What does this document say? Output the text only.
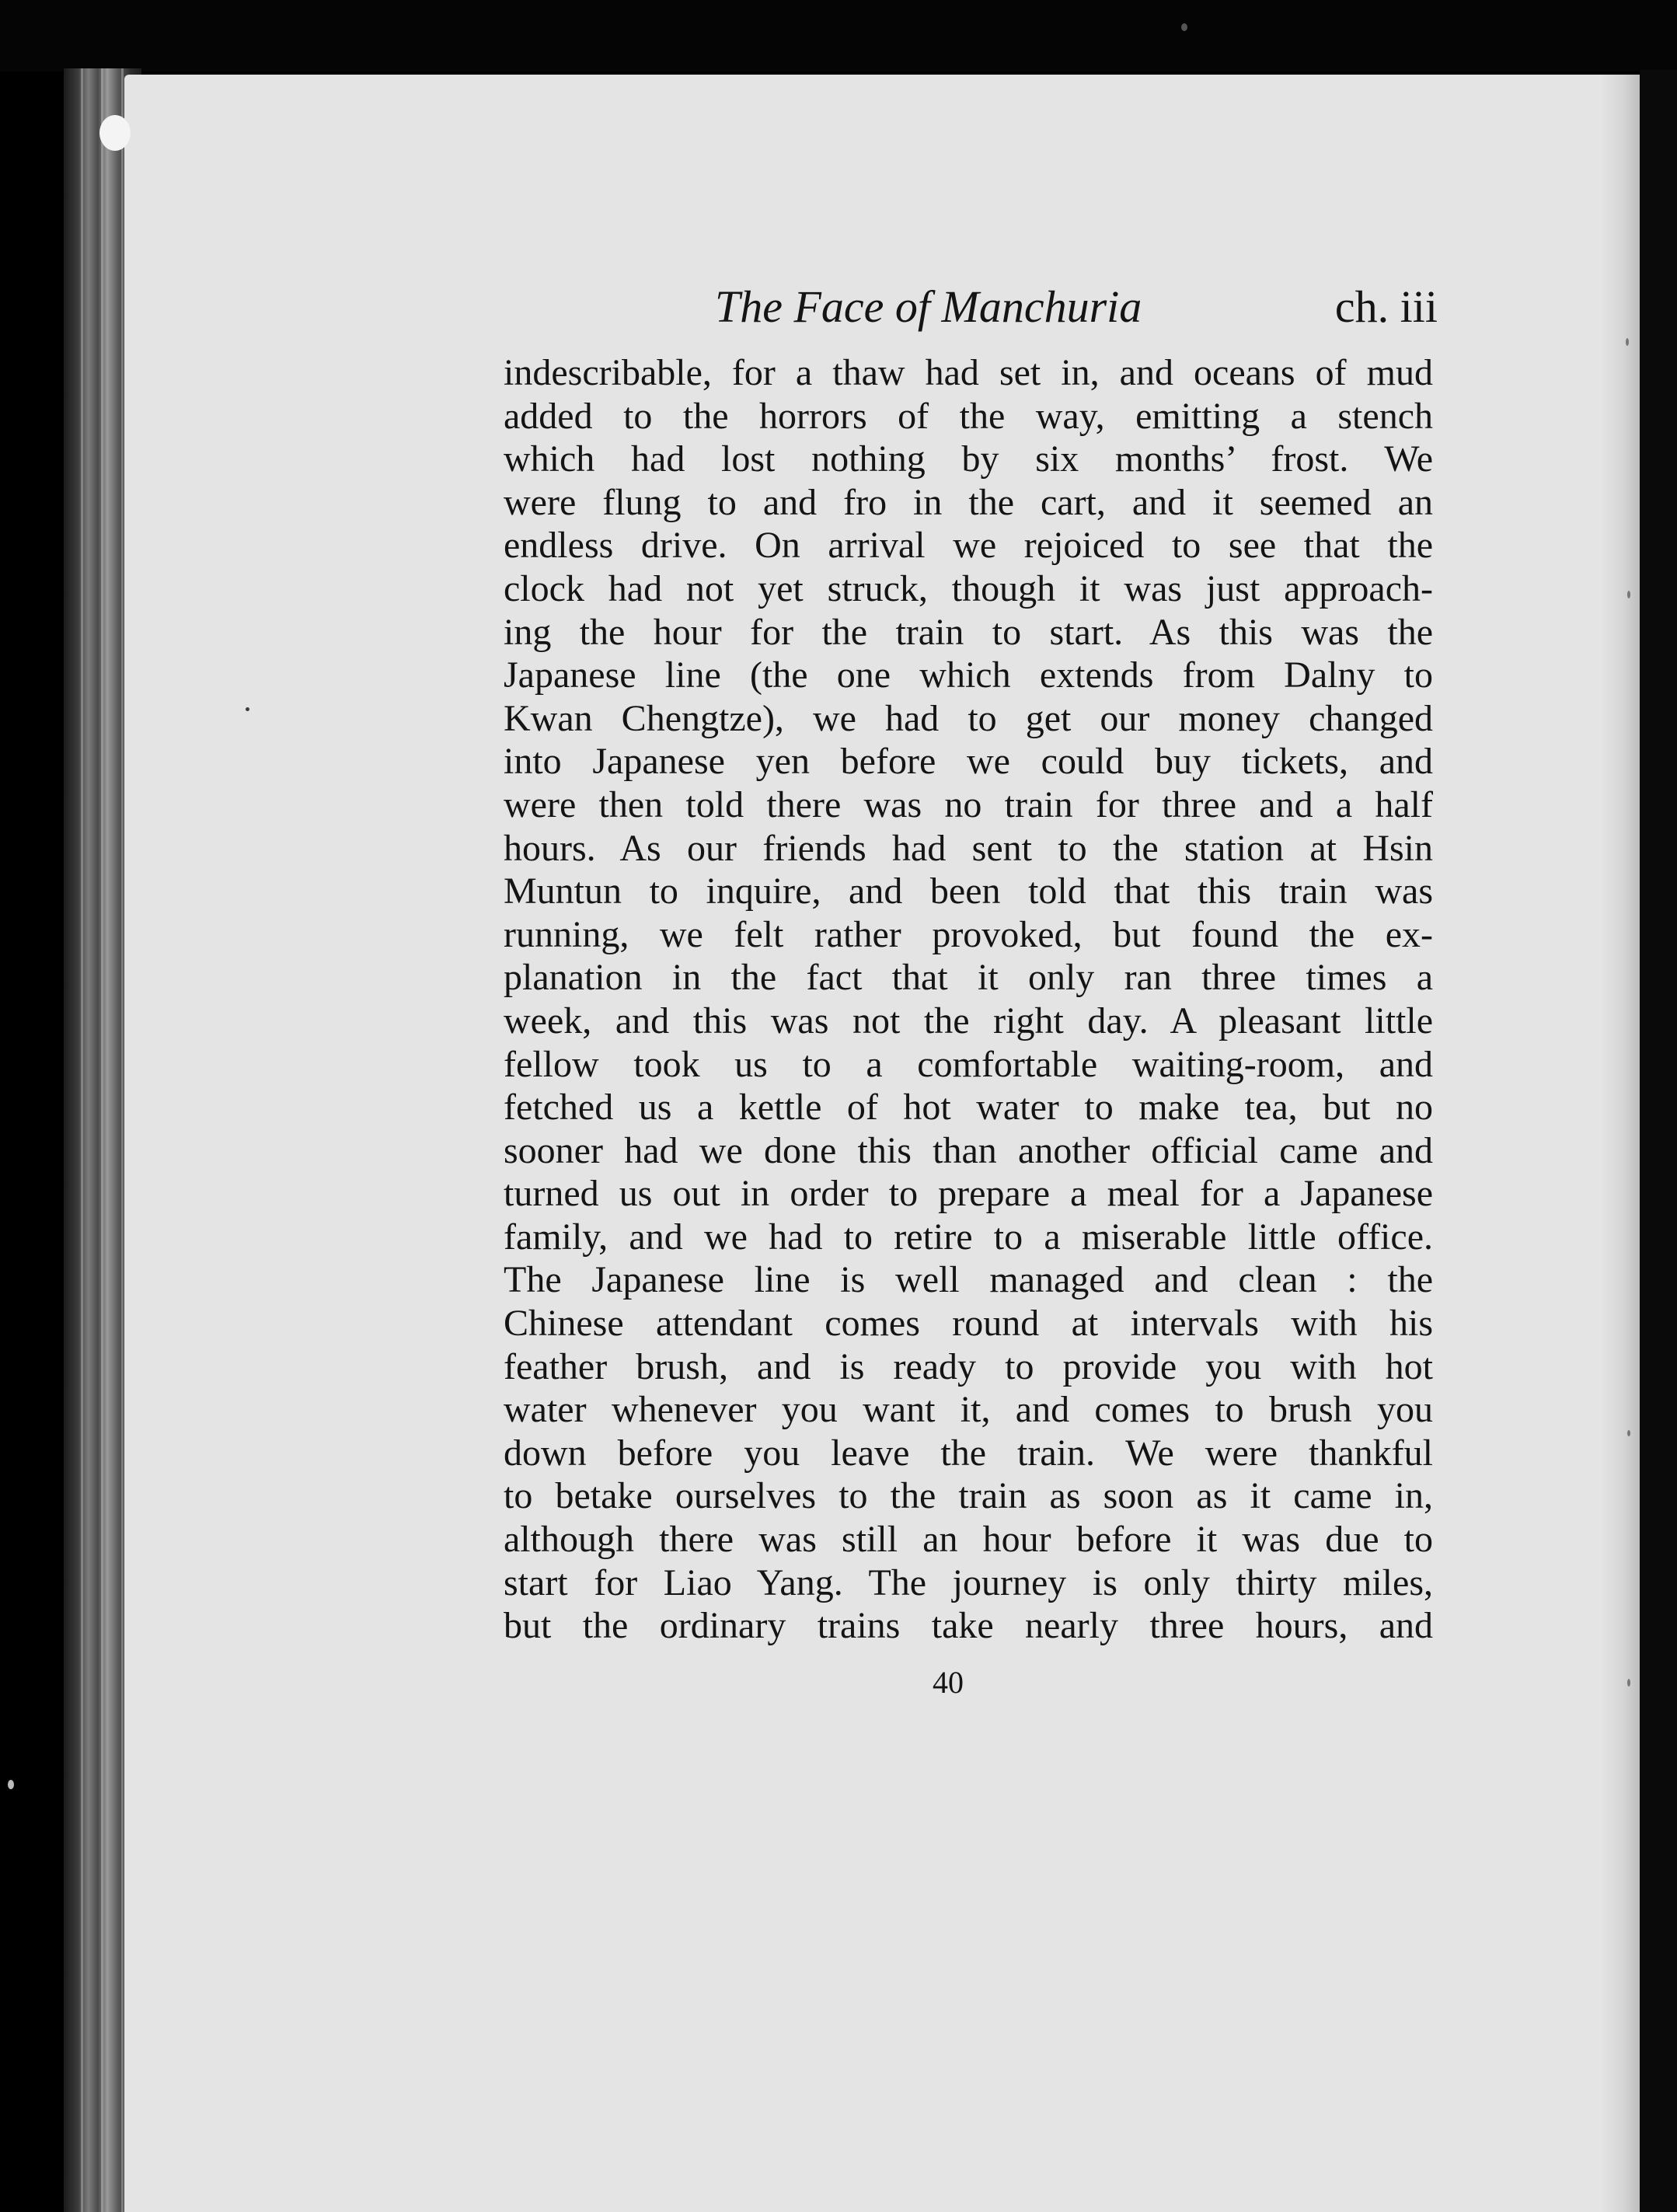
The Face of Manchuria	ch. iii
indescribable, for a thaw had set in, and oceans of mud
added to the horrors of the way, emitting a stench
which had lost nothing by six months’ frost. We
were flung to and fro in the cart, and it seemed an
endless drive. On arrival we rejoiced to see that the
clock had not yet struck, though it was just approach-
ing the hour for the train to start. As this was the
Japanese line (the one which extends from Dalny to
Kwan Chengtze), we had to get our money changed
into Japanese yen before we could buy tickets, and
were then told there was no train for three and a half
hours. As our friends had sent to the station at Hsin
Muntun to inquire, and been told that this train was
running, we felt rather provoked, but found the ex-
planation in the fact that it only ran three times a
week, and this was not the right day. A pleasant little
fellow took us to a comfortable waiting-room, and
fetched us a kettle of hot water to make tea, but no
sooner had we done this than another official came and
turned us out in order to prepare a meal for a Japanese
family, and we had to retire to a miserable little office.
The Japanese line is well managed and clean : the
Chinese attendant comes round at intervals with his
feather brush, and is ready to provide you with hot
water whenever you want it, and comes to brush you
down before you leave the train. We were thankful
to betake ourselves to the train as soon as it came in,
although there was still an hour before it was due to
start for Liao Yang. The journey is only thirty miles,
but the ordinary trains take nearly three hours, and
40
